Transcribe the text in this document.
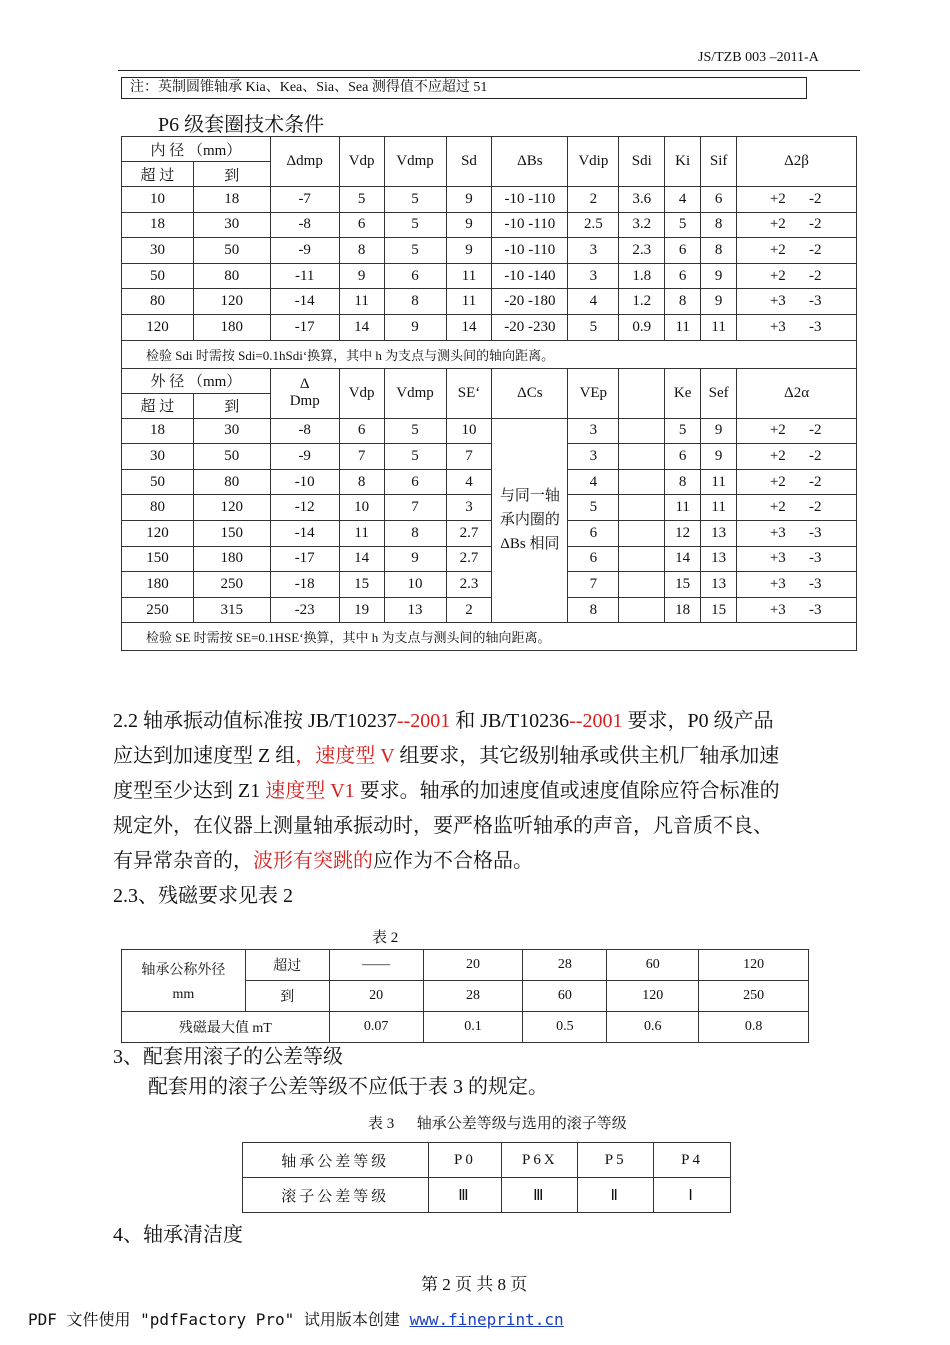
JS/TZB 003 –2011-A
注：英制圆锥轴承 Kia、Kea、Sia、Sea 测得值不应超过 51
P6 级套圈技术条件
内 径 （mm）		Δdmp	Vdp	Vdmp	Sd	ΔBs	Vdip	Sdi	Ki	Sif	Δ2β
超 过	到										
10	18	-7	5	5	9	-10 -110	2	3.6	4	6	+2 -2
18	30	-8	6	5	9	-10 -110	2.5	3.2	5	8	+2 -2
30	50	-9	8	5	9	-10 -110	3	2.3	6	8	+2 -2
50	80	-11	9	6	11	-10 -140	3	1.8	6	9	+2 -2
80	120	-14	11	8	11	-20 -180	4	1.2	8	9	+3 -3
120	180	-17	14	9	14	-20 -230	5	0.9	11	11	+3 -3
检验 Sdi 时需按 Sdi=0.1hSdi‘换算，其中 h 为支点与测头间的轴向距离。											
外 径 （mm）		Δ
Dmp	Vdp	Vdmp	SE‘	ΔCs	VEp		Ke	Sef	Δ2α
超 过	到										
18	30	-8	6	5	10	与同一轴承内圈的ΔBs 相同	3		5	9	+2 -2
30	50	-9	7	5	7		3		6	9	+2 -2
50	80	-10	8	6	4		4		8	11	+2 -2
80	120	-12	10	7	3		5		11	11	+2 -2
120	150	-14	11	8	2.7		6		12	13	+3 -3
150	180	-17	14	9	2.7		6		14	13	+3 -3
180	250	-18	15	10	2.3		7		15	13	+3 -3
250	315	-23	19	13	2		8		18	15	+3 -3
检验 SE 时需按 SE=0.1HSE‘换算，其中 h 为支点与测头间的轴向距离。											
2.2 轴承振动值标准按 JB/T10237--2001 和 JB/T10236--2001 要求，P0 级产品
应达到加速度型 Z 组，速度型 V 组要求，其它级别轴承或供主机厂轴承加速
度型至少达到 Z1 速度型 V1 要求。轴承的加速度值或速度值除应符合标准的
规定外，在仪器上测量轴承振动时，要严格监听轴承的声音，凡音质不良、
有异常杂音的，波形有突跳的应作为不合格品。
2.3、残磁要求见表 2
表 2
轴承公称外径
mm	超过	——	20	28	60	120
	到	20	28	60	120	250
残磁最大值 mT		0.07	0.1	0.5	0.6	0.8
3、配套用滚子的公差等级
配套用的滚子公差等级不应低于表 3 的规定。
表 3      轴承公差等级与选用的滚子等级
轴承公差等级	P0	P6X	P5	P4
滚子公差等级	Ⅲ	Ⅲ	Ⅱ	Ⅰ
4、轴承清洁度
第 2 页 共 8 页
PDF 文件使用 "pdfFactory Pro" 试用版本创建 www.fineprint.cn
